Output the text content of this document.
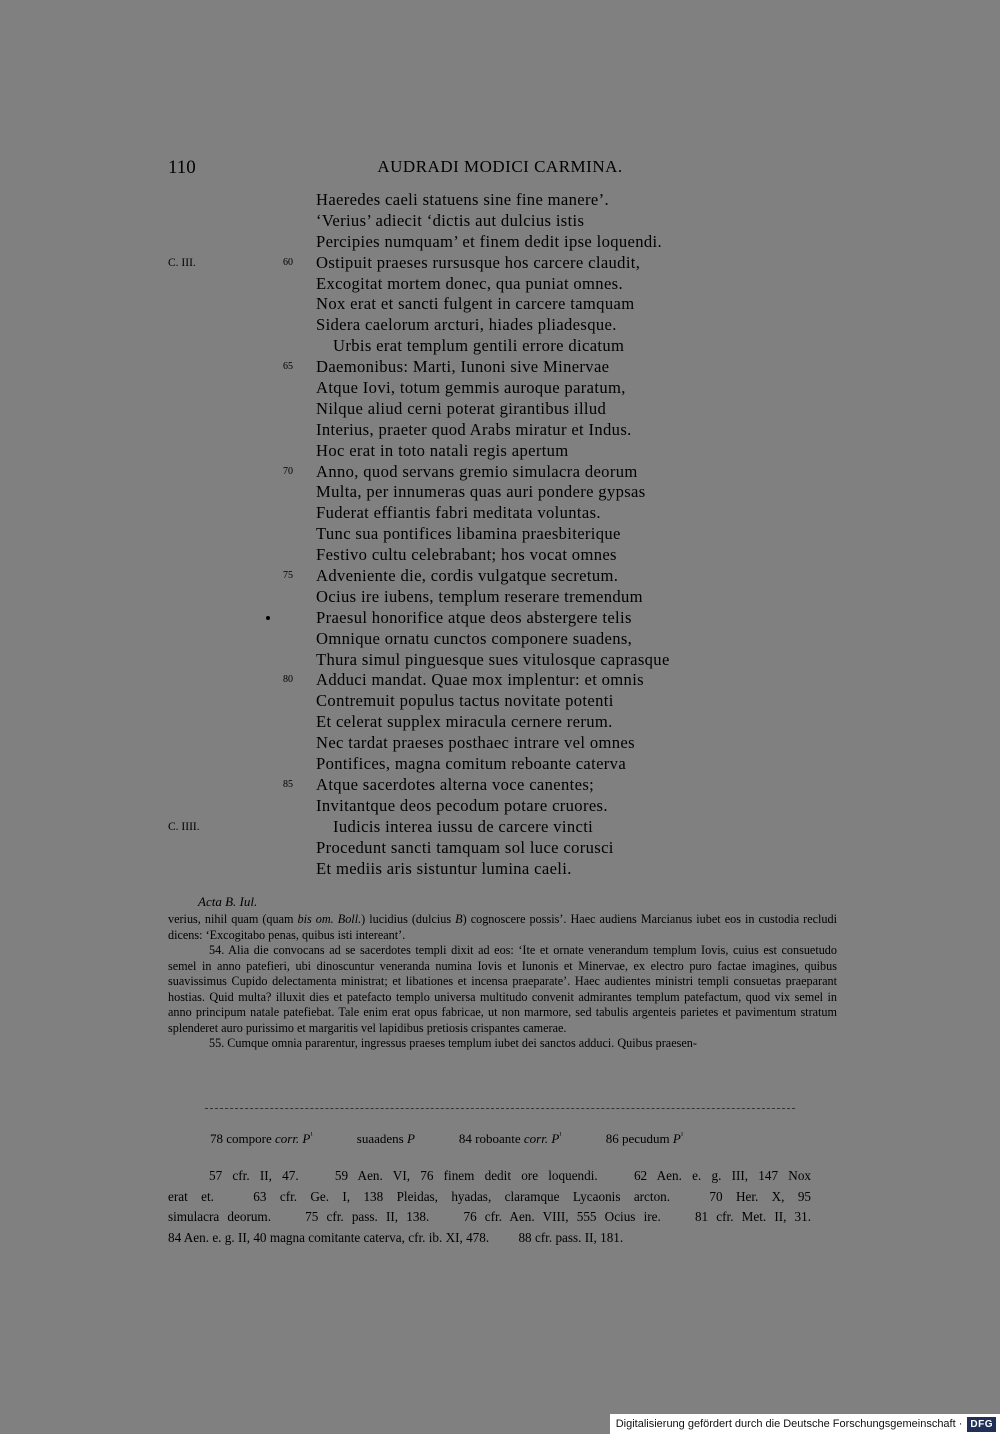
110	AUDRADI MODICI CARMINA.
Haeredes caeli statuens sine fine manere’.
‘Verius’ adiecit ‘dictis aut dulcius istis
Percipies numquam’ et finem dedit ipse loquendi.
C. III.	60 Ostipuit praeses rursusque hos carcere claudit,
Excogitat mortem donec, qua puniat omnes.
Nox erat et sancti fulgent in carcere tamquam
Sidera caelorum arcturi, hiades pliadesque.
Urbis erat templum gentili errore dicatum
65 Daemonibus: Marti, Iunoni sive Minervae
Atque Iovi, totum gemmis auroque paratum,
Nilque aliud cerni poterat girantibus illud
Interius, praeter quod Arabs miratur et Indus.
Hoc erat in toto natali regis apertum
70 Anno, quod servans gremio simulacra deorum
Multa, per innumeras quas auri pondere gypsas
Fuderat effiantis fabri meditata voluntas.
Tunc sua pontifices libamina praesbiterique
Festivo cultu celebrabant; hos vocat omnes
75 Adveniente die, cordis vulgatque secretum.
Ocius ire iubens, templum reserare tremendum
Praesul honorifice atque deos abstergere telis
Omnique ornatu cunctos componere suadens,
Thura simul pinguesque sues vitulosque caprasque
80 Adduci mandat. Quae mox implentur: et omnis
Contremuit populus tactus novitate potenti
Et celerat supplex miracula cernere rerum.
Nec tardat praeses posthaec intrare vel omnes
Pontifices, magna comitum reboante caterva
85 Atque sacerdotes alterna voce canentes;
Invitantque deos pecodum potare cruores.
C. IIII.	Iudicis interea iussu de carcere vincti
Procedunt sancti tamquam sol luce corusci
Et mediis aris sistuntur lumina caeli.
Acta B. Iul.

verius, nihil quam (quam bis om. Boll.) lucidius (dulcius B) cognoscere possis’. Haec audiens Marcianus iubet eos in custodia recludi dicens: ‘Excogitabo penas, quibus isti intereant’.

54. Alia die convocans ad se sacerdotes templi dixit ad eos: ‘Ite et ornate venerandum templum Iovis, cuius est consuetudo semel in anno patefieri, ubi dinoscuntur veneranda numina Iovis et Iunonis et Minervae, ex electro puro factae imagines, quibus suavissimus Cupido delectamenta ministrat; et libationes et incensa praeparate’. Haec audientes ministri templi consuetas praeparant hostias. Quid multa? illuxit dies et patefacto templo universa multitudo convenit admirantes templum patefactum, quod vix semel in anno principum natale patefiebat. Tale enim erat opus fabricae, ut non marmore, sed tabulis argenteis parietes et pavimentum stratum splenderet auro purissimo et margaritis vel lapidibus pretiosis crispantes camerae.

55. Cumque omnia pararentur, ingressus praeses templum iubet dei sanctos adduci. Quibus praesen-

78 compore corr. $P^{^1}$	suaadens P	84 roboante corr. $P^{^1}$	86 pecudum $P^{^1}$
57 cfr. II, 47.	59 Aen. VI, 76 finem dedit ore loquendi.	62 Aen. e. g. III, 147 Nox
erat et.	63 cfr. Ge. I, 138 Pleidas, hyadas, claramque Lycaonis arcton.	70 Her. X, 95
simulacra deorum.	75 cfr. pass. II, 138.	76 cfr. Aen. VIII, 555 Ocius ire.	81 cfr. Met. II, 31.
84 Aen. e. g. II, 40 magna comitante caterva, cfr. ib. XI, 478. 88 cfr. pass. II, 181.
Digitalisierung gefördert durch die Deutsche Forschungsgemeinschaft · DFG
